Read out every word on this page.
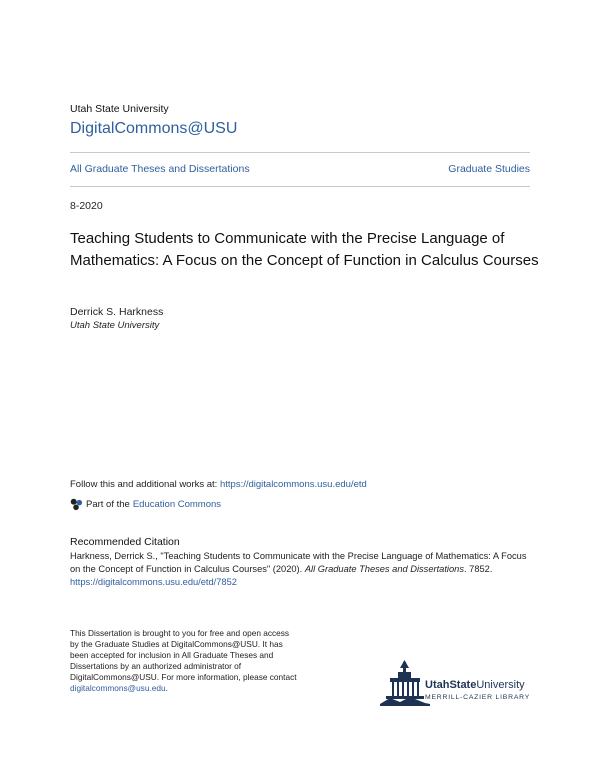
Utah State University
DigitalCommons@USU
All Graduate Theses and Dissertations	Graduate Studies
8-2020
Teaching Students to Communicate with the Precise Language of Mathematics: A Focus on the Concept of Function in Calculus Courses
Derrick S. Harkness
Utah State University
Follow this and additional works at: https://digitalcommons.usu.edu/etd
Part of the Education Commons
Recommended Citation
Harkness, Derrick S., "Teaching Students to Communicate with the Precise Language of Mathematics: A Focus on the Concept of Function in Calculus Courses" (2020). All Graduate Theses and Dissertations. 7852.
https://digitalcommons.usu.edu/etd/7852
This Dissertation is brought to you for free and open access by the Graduate Studies at DigitalCommons@USU. It has been accepted for inclusion in All Graduate Theses and Dissertations by an authorized administrator of DigitalCommons@USU. For more information, please contact digitalcommons@usu.edu.	UtahStateUniversity
MERRILL-CAZIER LIBRARY
